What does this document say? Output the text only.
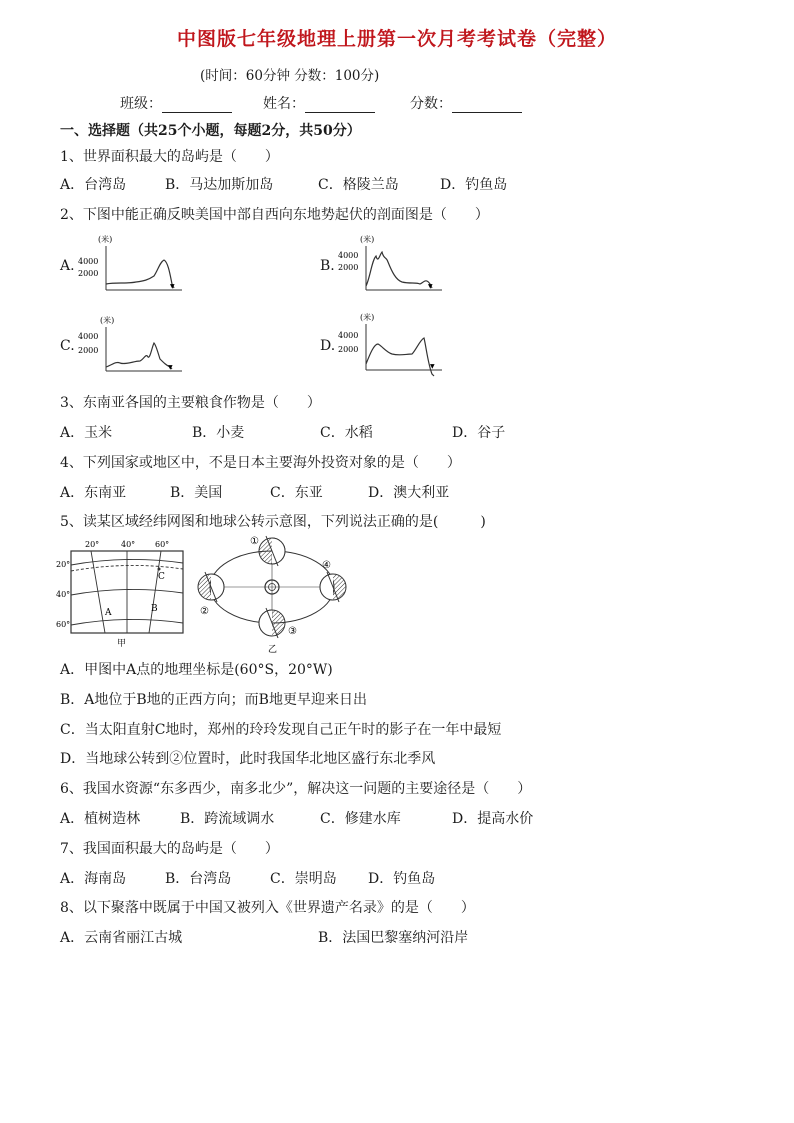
中图版七年级地理上册第一次月考考试卷（完整）
(时间：60分钟 分数：100分)
班级：	姓名：	分数：
一、选择题（共25个小题，每题2分，共50分）
1、世界面积最大的岛屿是（　　）
A．台湾岛	B．马达加斯加岛	C．格陵兰岛	D．钓鱼岛
2、下图中能正确反映美国中部自西向东地势起伏的剖面图是（　　）
A.	B.
C.	D.
(米)
4000
2000
▼
(米)
4000
2000
▼
(米)
4000
2000
▼
(米)
4000
2000
▼
3、东南亚各国的主要粮食作物是（　　）
A．玉米	B．小麦	C．水稻	D．谷子
4、下列国家或地区中，不是日本主要海外投资对象的是（　　）
A．东南亚	B．美国	C．东亚	D．澳大利亚
5、读某区域经纬网图和地球公转示意图，下列说法正确的是(　　　)
20°	40° 60°
20°
40°
60°
A	B
C
甲
①
②
③
④
乙
A．甲图中A点的地理坐标是(60°S，20°W)
B．A地位于B地的正西方向；而B地更早迎来日出
C．当太阳直射C地时，郑州的玲玲发现自己正午时的影子在一年中最短
D．当地球公转到②位置时，此时我国华北地区盛行东北季风
6、我国水资源“东多西少，南多北少”，解决这一问题的主要途径是（　　）
A．植树造林	B．跨流域调水	C．修建水库	D．提高水价
7、我国面积最大的岛屿是（　　）
A．海南岛	B．台湾岛	C．崇明岛 D．钓鱼岛
8、以下聚落中既属于中国又被列入《世界遗产名录》的是（　　）
A．云南省丽江古城	B．法国巴黎塞纳河沿岸
